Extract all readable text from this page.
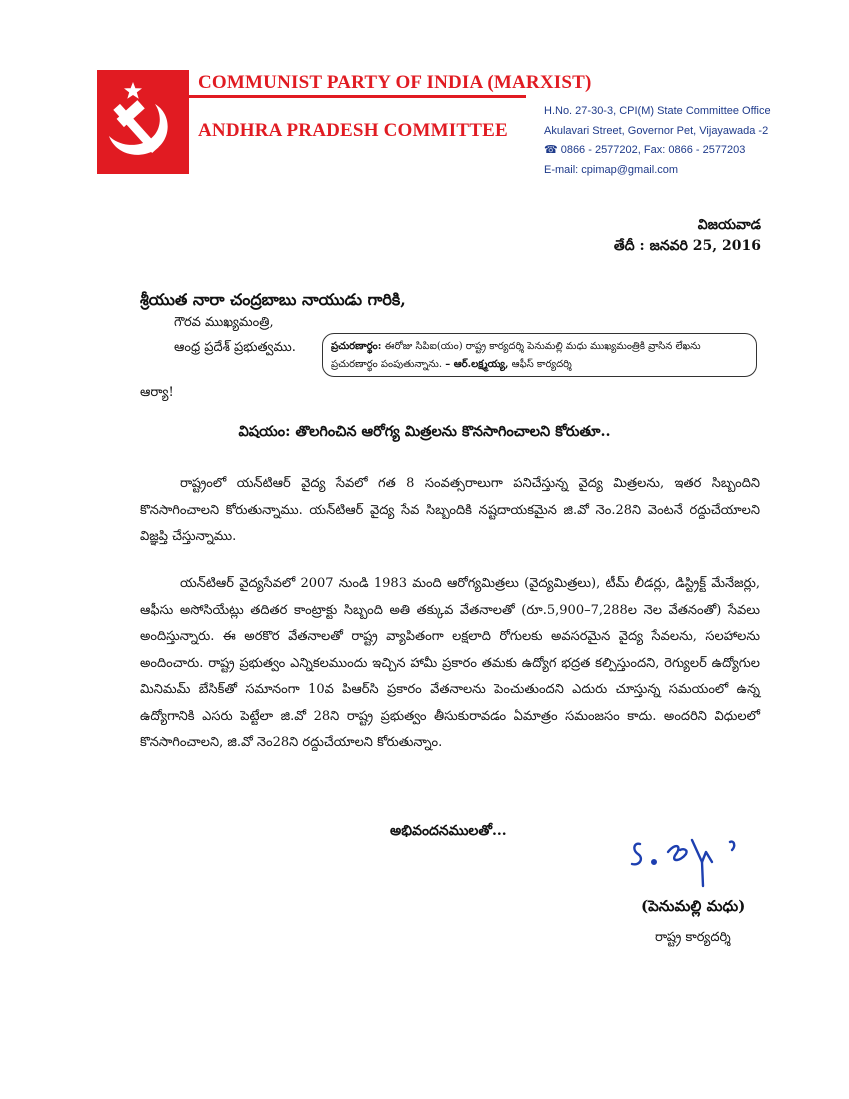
COMMUNIST PARTY OF INDIA (MARXIST)
ANDHRA PRADESH COMMITTEE
H.No. 27-30-3, CPI(M) State Committee Office
Akulavari Street, Governor Pet, Vijayawada -2
☎ 0866 - 2577202, Fax: 0866 - 2577203
E-mail: cpimap@gmail.com
విజయవాడ
తేదీ : జనవరి 25, 2016
శ్రీయుత నారా చంద్రబాబు నాయుడు గారికి,
గౌరవ ముఖ్యమంత్రి,
ఆంధ్ర ప్రదేశ్ ప్రభుత్వము.	ప్రచురణార్థం: ఈరోజు సిపిఐ(యం) రాష్ట్ర కార్యదర్శి పెనుమల్లి మధు ముఖ్యమంత్రికి వ్రాసిన లేఖను ప్రచురణార్థం పంపుతున్నాను. – ఆర్.లక్ష్మయ్య, ఆఫీస్ కార్యదర్శి
ఆర్యా!
విషయం: తొలగించిన ఆరోగ్య మిత్రలను కొనసాగించాలని కోరుతూ..

రాష్ట్రంలో యన్‌టిఆర్ వైద్య సేవలో గత 8 సంవత్సరాలుగా పనిచేస్తున్న వైద్య మిత్రలను, ఇతర సిబ్బందిని కొనసాగించాలని కోరుతున్నాము. యన్‌టిఆర్ వైద్య సేవ సిబ్బందికి నష్టదాయకమైన జి.వో నెం.28ని వెంటనే రద్దుచేయాలని విజ్ఞప్తి చేస్తున్నాము.

యన్‌టిఆర్ వైద్యసేవలో 2007 నుండి 1983 మంది ఆరోగ్యమిత్రలు (వైద్యమిత్రలు), టీమ్ లీడర్లు, డిస్ట్రిక్ట్ మేనేజర్లు, ఆఫీసు అసోసియేట్లు తదితర కాంట్రాక్టు సిబ్బంది అతి తక్కువ వేతనాలతో (రూ.5,900–7,288ల నెల వేతనంతో) సేవలు అందిస్తున్నారు. ఈ అరకొర వేతనాలతో రాష్ట్ర వ్యాపితంగా లక్షలాది రోగులకు అవసరమైన వైద్య సేవలను, సలహాలను అందించారు. రాష్ట్ర ప్రభుత్వం ఎన్నికలముందు ఇచ్చిన హామీ ప్రకారం తమకు ఉద్యోగ భద్రత కల్పిస్తుందని, రెగ్యులర్ ఉద్యోగుల మినిమమ్ బేసిక్‌తో సమానంగా 10వ పిఆర్‌సి ప్రకారం వేతనాలను పెంచుతుందని ఎదురు చూస్తున్న సమయంలో ఉన్న ఉద్యోగానికి ఎసరు పెట్టేలా జి.వో 28ని రాష్ట్ర ప్రభుత్వం తీసుకురావడం ఏమాత్రం సమంజసం కాదు. అందరిని విధులలో కొనసాగించాలని, జి.వో నెం28ని రద్దుచేయాలని కోరుతున్నాం.

అభివందనములతో...
(పెనుమల్లి మధు)
రాష్ట్ర కార్యదర్శి
